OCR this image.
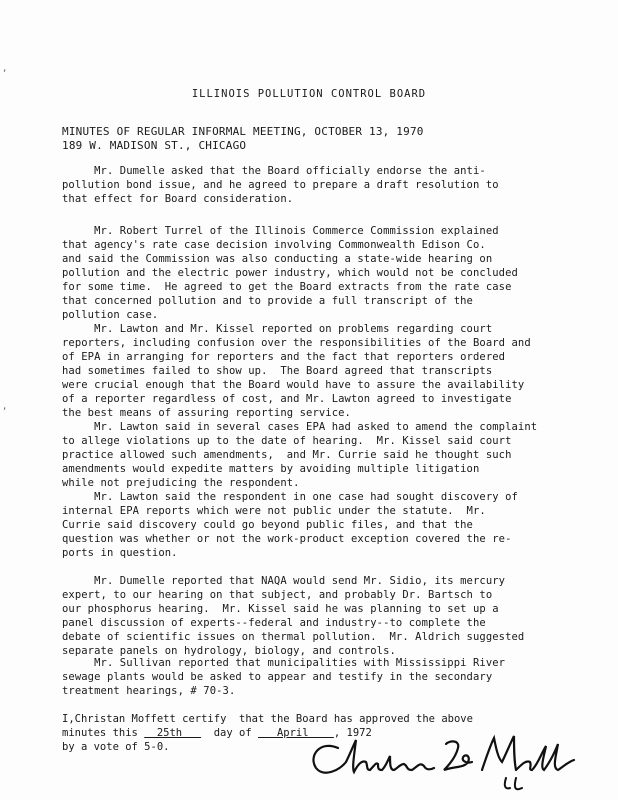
ILLINOIS POLLUTION CONTROL BOARD
MINUTES OF REGULAR INFORMAL MEETING, OCTOBER 13, 1970
189 W. MADISON ST., CHICAGO
Mr. Dumelle asked that the Board officially endorse the anti-
pollution bond issue, and he agreed to prepare a draft resolution to
that effect for Board consideration.
Mr. Robert Turrel of the Illinois Commerce Commission explained
that agency's rate case decision involving Commonwealth Edison Co.
and said the Commission was also conducting a state-wide hearing on
pollution and the electric power industry, which would not be concluded
for some time.  He agreed to get the Board extracts from the rate case
that concerned pollution and to provide a full transcript of the
pollution case.
Mr. Lawton and Mr. Kissel reported on problems regarding court
reporters, including confusion over the responsibilities of the Board and
of EPA in arranging for reporters and the fact that reporters ordered
had sometimes failed to show up.  The Board agreed that transcripts
were crucial enough that the Board would have to assure the availability
of a reporter regardless of cost, and Mr. Lawton agreed to investigate
the best means of assuring reporting service.
Mr. Lawton said in several cases EPA had asked to amend the complaint
to allege violations up to the date of hearing.  Mr. Kissel said court
practice allowed such amendments,  and Mr. Currie said he thought such
amendments would expedite matters by avoiding multiple litigation
while not prejudicing the respondent.
Mr. Lawton said the respondent in one case had sought discovery of
internal EPA reports which were not public under the statute.  Mr.
Currie said discovery could go beyond public files, and that the
question was whether or not the work-product exception covered the re-
ports in question.
Mr. Dumelle reported that NAQA would send Mr. Sidio, its mercury
expert, to our hearing on that subject, and probably Dr. Bartsch to
our phosphorus hearing.  Mr. Kissel said he was planning to set up a
panel discussion of experts--federal and industry--to complete the
debate of scientific issues on thermal pollution.  Mr. Aldrich suggested
separate panels on hydrology, biology, and controls.
Mr. Sullivan reported that municipalities with Mississippi River
sewage plants would be asked to appear and testify in the secondary
treatment hearings, # 70-3.
,
,
I,Christan Moffett certify  that the Board has approved the above
minutes this   25th     day of    April    , 1972
by a vote of 5-0.
